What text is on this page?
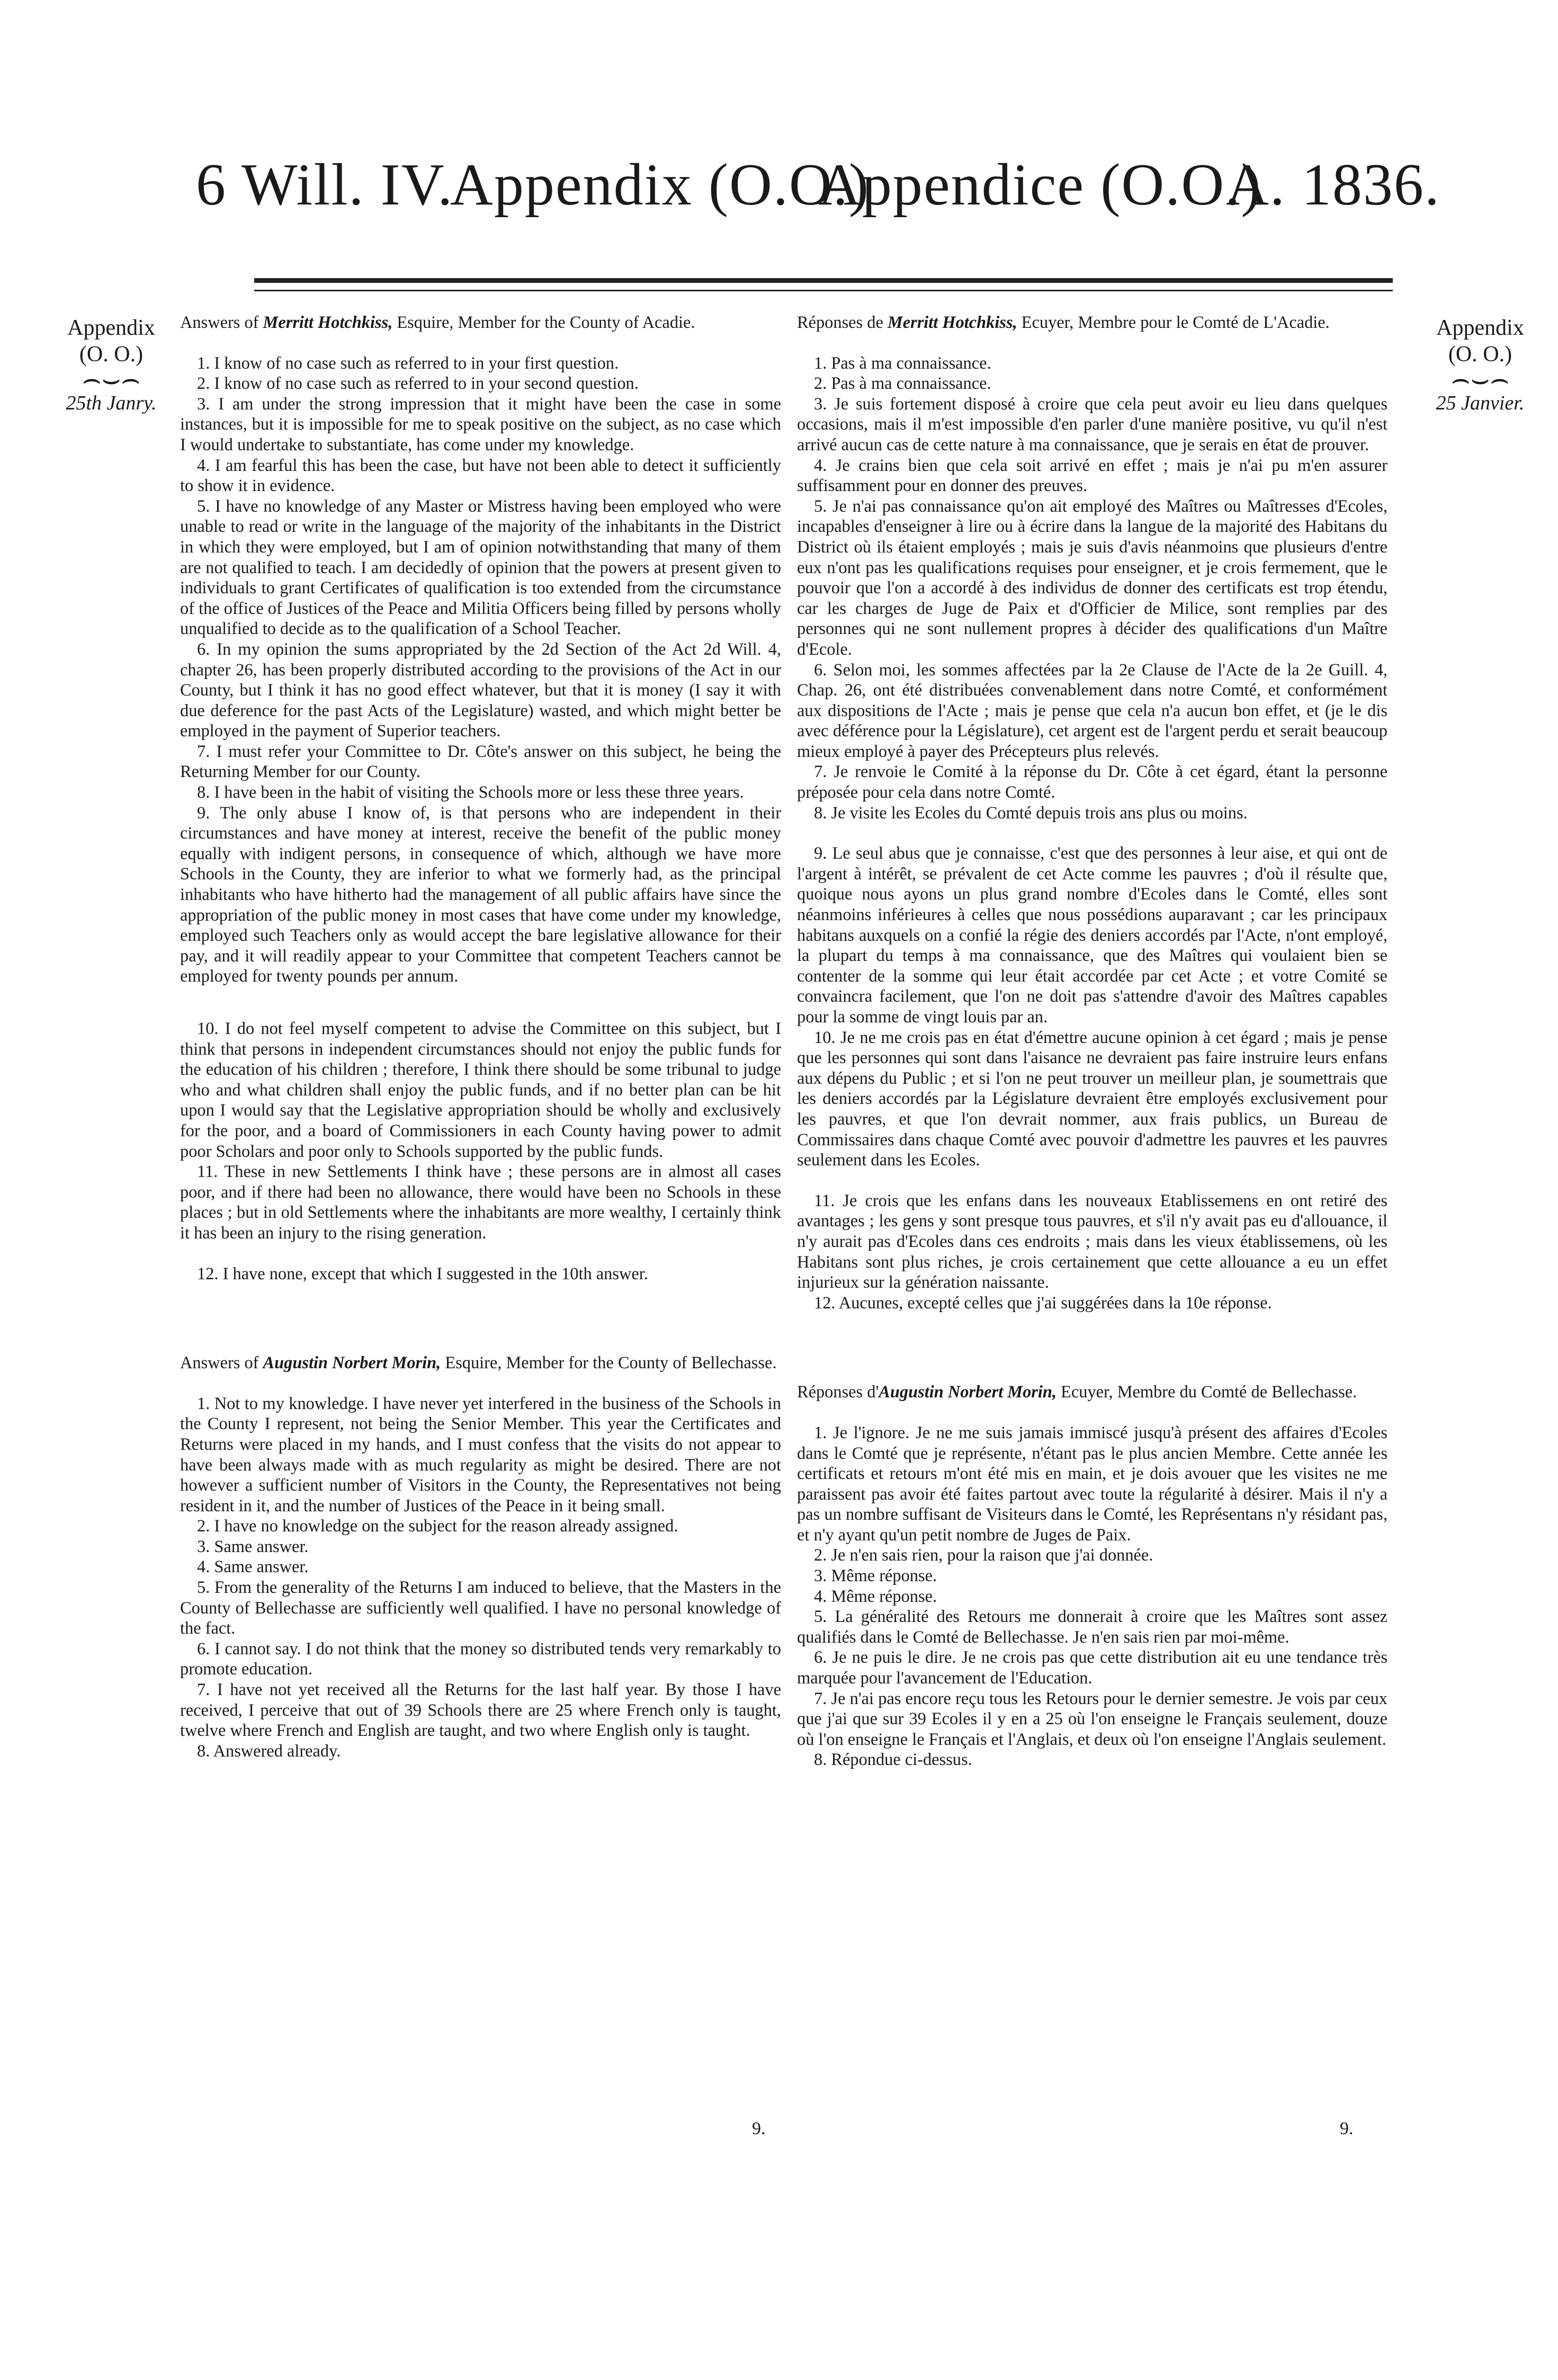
6 Will. IV.
Appendix (O.O.)
Appendice (O.O.)
A. 1836.
Appendix
(O. O.)
⌢⌣⌢
25th Janry.
Appendix
(O. O.)
⌢⌣⌢
25 Janvier.

Answers of Merritt Hotchkiss, Esquire, Member for the County of Acadie.

1. I know of no case such as referred to in your first question.

2. I know of no case such as referred to in your second question.

3. I am under the strong impression that it might have been the case in some instances, but it is impossible for me to speak positive on the subject, as no case which I would undertake to substantiate, has come under my knowledge.

4. I am fearful this has been the case, but have not been able to detect it sufficiently to show it in evidence.

5. I have no knowledge of any Master or Mistress having been employed who were unable to read or write in the language of the majority of the inhabitants in the District in which they were employed, but I am of opinion notwithstanding that many of them are not qualified to teach. I am decidedly of opinion that the powers at present given to individuals to grant Certificates of qualification is too extended from the circumstance of the office of Justices of the Peace and Militia Officers being filled by persons wholly unqualified to decide as to the qualification of a School Teacher.

6. In my opinion the sums appropriated by the 2d Section of the Act 2d Will. 4, chapter 26, has been properly distributed according to the provisions of the Act in our County, but I think it has no good effect whatever, but that it is money (I say it with due deference for the past Acts of the Legislature) wasted, and which might better be employed in the payment of Superior teachers.

7. I must refer your Committee to Dr. Côte's answer on this subject, he being the Returning Member for our County.

8. I have been in the habit of visiting the Schools more or less these three years.

9. The only abuse I know of, is that persons who are independent in their circumstances and have money at interest, receive the benefit of the public money equally with indigent persons, in consequence of which, although we have more Schools in the County, they are inferior to what we formerly had, as the principal inhabitants who have hitherto had the management of all public affairs have since the appropriation of the public money in most cases that have come under my knowledge, employed such Teachers only as would accept the bare legislative allowance for their pay, and it will readily appear to your Committee that competent Teachers cannot be employed for twenty pounds per annum.

10. I do not feel myself competent to advise the Committee on this subject, but I think that persons in independent circumstances should not enjoy the public funds for the education of his children ; therefore, I think there should be some tribunal to judge who and what children shall enjoy the public funds, and if no better plan can be hit upon I would say that the Legislative appropriation should be wholly and exclusively for the poor, and a board of Commissioners in each County having power to admit poor Scholars and poor only to Schools supported by the public funds.

11. These in new Settlements I think have ; these persons are in almost all cases poor, and if there had been no allowance, there would have been no Schools in these places ; but in old Settlements where the inhabitants are more wealthy, I certainly think it has been an injury to the rising generation.

12. I have none, except that which I suggested in the 10th answer.

Answers of Augustin Norbert Morin, Esquire, Member for the County of Bellechasse.

1. Not to my knowledge. I have never yet interfered in the business of the Schools in the County I represent, not being the Senior Member. This year the Certificates and Returns were placed in my hands, and I must confess that the visits do not appear to have been always made with as much regularity as might be desired. There are not however a sufficient number of Visitors in the County, the Representatives not being resident in it, and the number of Justices of the Peace in it being small.

2. I have no knowledge on the subject for the reason already assigned.

3. Same answer.

4. Same answer.

5. From the generality of the Returns I am induced to believe, that the Masters in the County of Bellechasse are sufficiently well qualified. I have no personal knowledge of the fact.

6. I cannot say. I do not think that the money so distributed tends very remarkably to promote education.

7. I have not yet received all the Returns for the last half year. By those I have received, I perceive that out of 39 Schools there are 25 where French only is taught, twelve where French and English are taught, and two where English only is taught.

8. Answered already.

Réponses de Merritt Hotchkiss, Ecuyer, Membre pour le Comté de L'Acadie.

1. Pas à ma connaissance.

2. Pas à ma connaissance.

3. Je suis fortement disposé à croire que cela peut avoir eu lieu dans quelques occasions, mais il m'est impossible d'en parler d'une manière positive, vu qu'il n'est arrivé aucun cas de cette nature à ma connaissance, que je serais en état de prouver.

4. Je crains bien que cela soit arrivé en effet ; mais je n'ai pu m'en assurer suffisamment pour en donner des preuves.

5. Je n'ai pas connaissance qu'on ait employé des Maîtres ou Maîtresses d'Ecoles, incapables d'enseigner à lire ou à écrire dans la langue de la majorité des Habitans du District où ils étaient employés ; mais je suis d'avis néanmoins que plusieurs d'entre eux n'ont pas les qualifications requises pour enseigner, et je crois fermement, que le pouvoir que l'on a accordé à des individus de donner des certificats est trop étendu, car les charges de Juge de Paix et d'Officier de Milice, sont remplies par des personnes qui ne sont nullement propres à décider des qualifications d'un Maître d'Ecole.

6. Selon moi, les sommes affectées par la 2e Clause de l'Acte de la 2e Guill. 4, Chap. 26, ont été distribuées convenablement dans notre Comté, et conformément aux dispositions de l'Acte ; mais je pense que cela n'a aucun bon effet, et (je le dis avec déférence pour la Législature), cet argent est de l'argent perdu et serait beaucoup mieux employé à payer des Précepteurs plus relevés.

7. Je renvoie le Comité à la réponse du Dr. Côte à cet égard, étant la personne préposée pour cela dans notre Comté.

8. Je visite les Ecoles du Comté depuis trois ans plus ou moins.

9. Le seul abus que je connaisse, c'est que des personnes à leur aise, et qui ont de l'argent à intérêt, se prévalent de cet Acte comme les pauvres ; d'où il résulte que, quoique nous ayons un plus grand nombre d'Ecoles dans le Comté, elles sont néanmoins inférieures à celles que nous possédions auparavant ; car les principaux habitans auxquels on a confié la régie des deniers accordés par l'Acte, n'ont employé, la plupart du temps à ma connaissance, que des Maîtres qui voulaient bien se contenter de la somme qui leur était accordée par cet Acte ; et votre Comité se convaincra facilement, que l'on ne doit pas s'attendre d'avoir des Maîtres capables pour la somme de vingt louis par an.

10. Je ne me crois pas en état d'émettre aucune opinion à cet égard ; mais je pense que les personnes qui sont dans l'aisance ne devraient pas faire instruire leurs enfans aux dépens du Public ; et si l'on ne peut trouver un meilleur plan, je soumettrais que les deniers accordés par la Législature devraient être employés exclusivement pour les pauvres, et que l'on devrait nommer, aux frais publics, un Bureau de Commissaires dans chaque Comté avec pouvoir d'admettre les pauvres et les pauvres seulement dans les Ecoles.

11. Je crois que les enfans dans les nouveaux Etablissemens en ont retiré des avantages ; les gens y sont presque tous pauvres, et s'il n'y avait pas eu d'allouance, il n'y aurait pas d'Ecoles dans ces endroits ; mais dans les vieux établissemens, où les Habitans sont plus riches, je crois certainement que cette allouance a eu un effet injurieux sur la génération naissante.

12. Aucunes, excepté celles que j'ai suggérées dans la 10e réponse.

Réponses d'Augustin Norbert Morin, Ecuyer, Membre du Comté de Bellechasse.

1. Je l'ignore. Je ne me suis jamais immiscé jusqu'à présent des affaires d'Ecoles dans le Comté que je représente, n'étant pas le plus ancien Membre. Cette année les certificats et retours m'ont été mis en main, et je dois avouer que les visites ne me paraissent pas avoir été faites partout avec toute la régularité à désirer. Mais il n'y a pas un nombre suffisant de Visiteurs dans le Comté, les Représentans n'y résidant pas, et n'y ayant qu'un petit nombre de Juges de Paix.

2. Je n'en sais rien, pour la raison que j'ai donnée.

3. Même réponse.

4. Même réponse.

5. La généralité des Retours me donnerait à croire que les Maîtres sont assez qualifiés dans le Comté de Bellechasse. Je n'en sais rien par moi-même.

6. Je ne puis le dire. Je ne crois pas que cette distribution ait eu une tendance très marquée pour l'avancement de l'Education.

7. Je n'ai pas encore reçu tous les Retours pour le dernier semestre. Je vois par ceux que j'ai que sur 39 Ecoles il y en a 25 où l'on enseigne le Français seulement, douze où l'on enseigne le Français et l'Anglais, et deux où l'on enseigne l'Anglais seulement.

8. Répondue ci-dessus.

9.	9.
